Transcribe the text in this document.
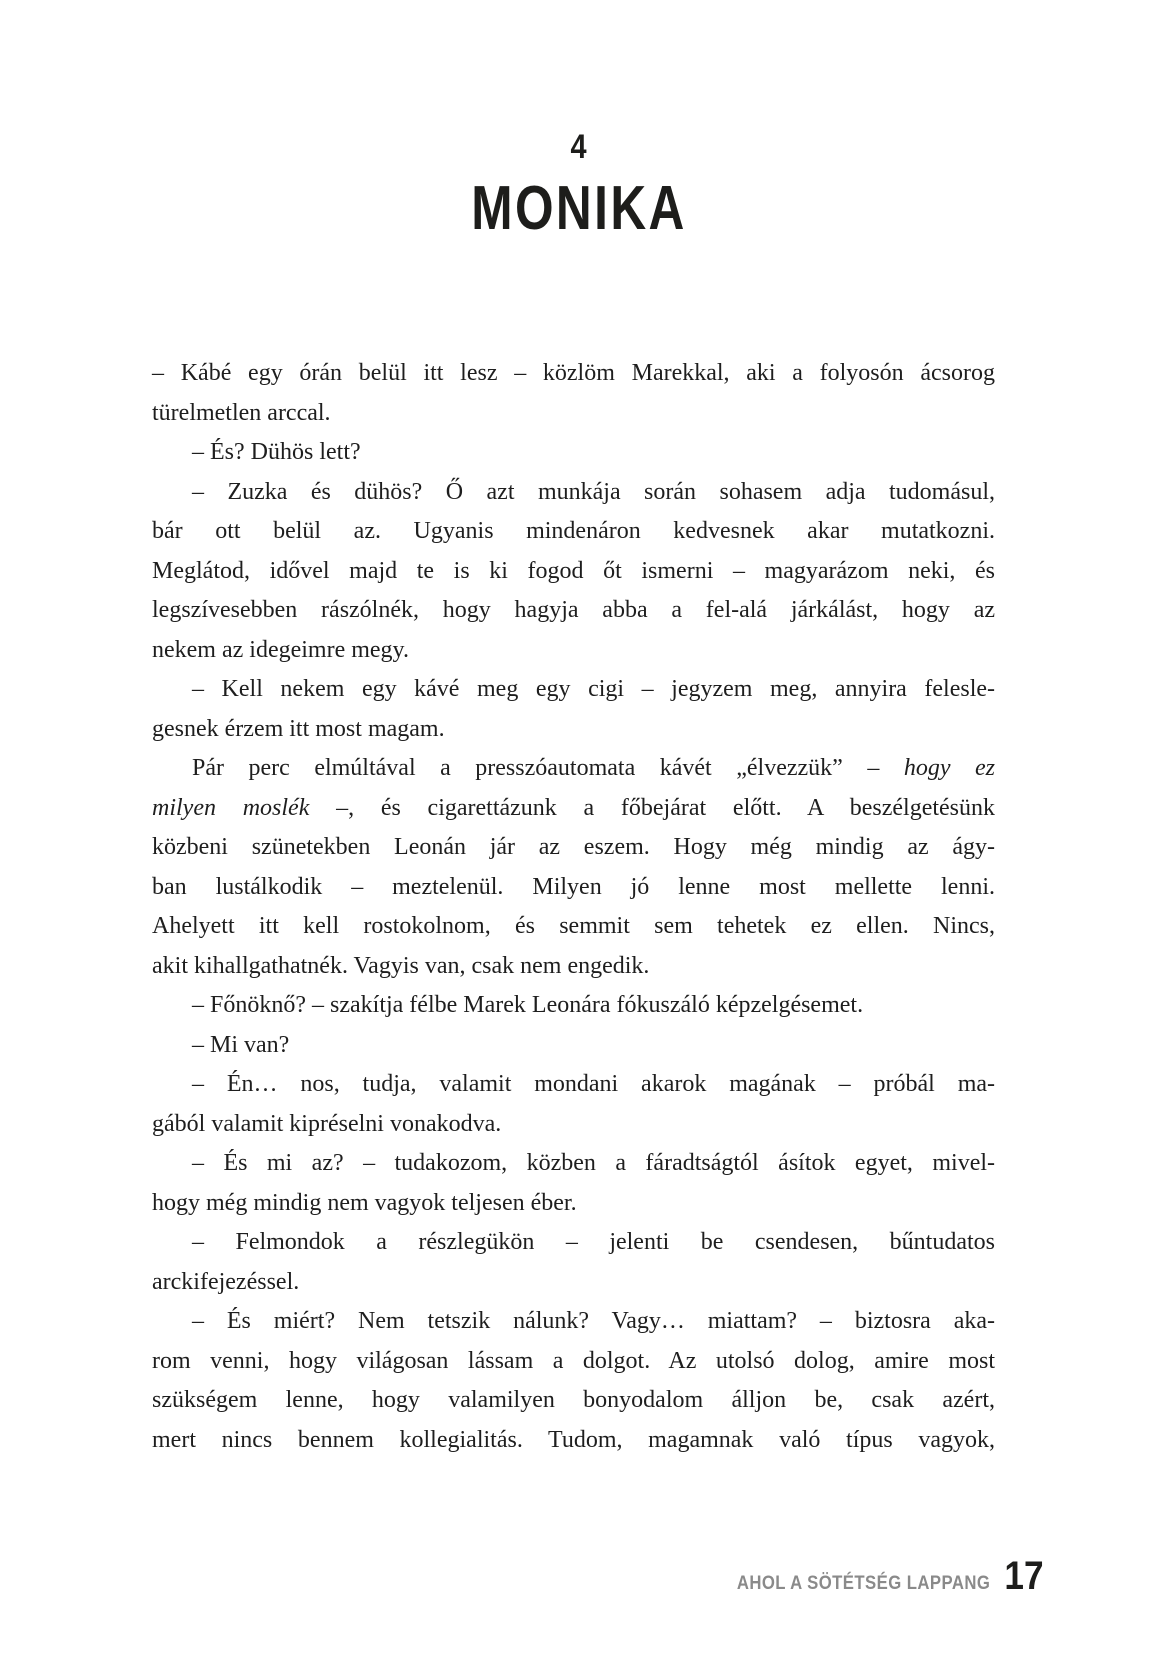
4
MONIKA
– Kábé egy órán belül itt lesz – közlöm Marekkal, aki a folyosón ácsorog
türelmetlen arccal.
– És? Dühös lett?
– Zuzka és dühös? Ő azt munkája során sohasem adja tudomásul,
bár ott belül az. Ugyanis mindenáron kedvesnek akar mutatkozni.
Meglátod, idővel majd te is ki fogod őt ismerni – magyarázom neki, és
legszívesebben rászólnék, hogy hagyja abba a fel-alá járkálást, hogy az
nekem az idegeimre megy.
– Kell nekem egy kávé meg egy cigi – jegyzem meg, annyira felesle-
gesnek érzem itt most magam.
Pár perc elmúltával a presszóautomata kávét „élvezzük” – hogy ez
milyen moslék –, és cigarettázunk a főbejárat előtt. A beszélgetésünk
közbeni szünetekben Leonán jár az eszem. Hogy még mindig az ágy-
ban lustálkodik – meztelenül. Milyen jó lenne most mellette lenni.
Ahelyett itt kell rostokolnom, és semmit sem tehetek ez ellen. Nincs,
akit kihallgathatnék. Vagyis van, csak nem engedik.
– Főnöknő? – szakítja félbe Marek Leonára fókuszáló képzelgésemet.
– Mi van?
– Én… nos, tudja, valamit mondani akarok magának – próbál ma-
gából valamit kipréselni vonakodva.
– És mi az? – tudakozom, közben a fáradtságtól ásítok egyet, mivel-
hogy még mindig nem vagyok teljesen éber.
– Felmondok a részlegükön – jelenti be csendesen, bűntudatos
arckifejezéssel.
– És miért? Nem tetszik nálunk? Vagy… miattam? – biztosra aka-
rom venni, hogy világosan lássam a dolgot. Az utolsó dolog, amire most
szükségem lenne, hogy valamilyen bonyodalom álljon be, csak azért,
mert nincs bennem kollegialitás. Tudom, magamnak való típus vagyok,
AHOL A SÖTÉTSÉG LAPPANG 17
